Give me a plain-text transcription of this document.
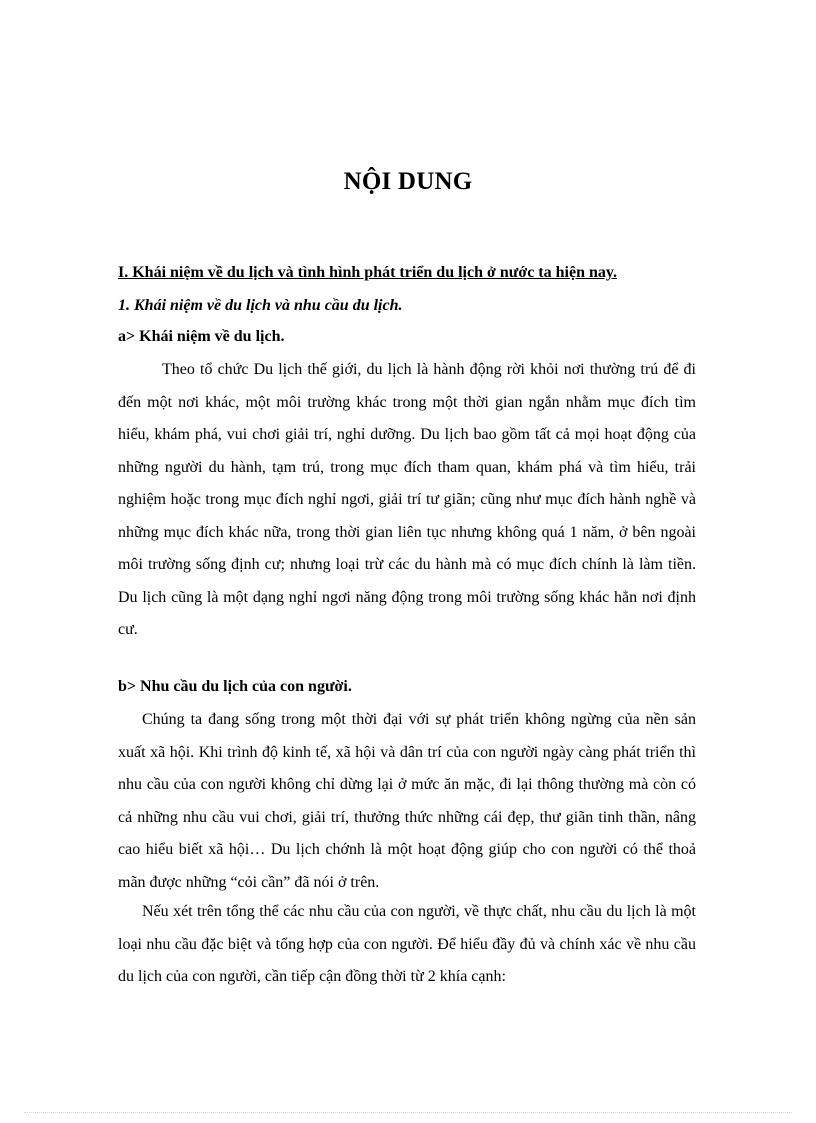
NỘI DUNG
I. Khái niệm về du lịch và tình hình phát triển du lịch ở nước ta hiện nay.
1. Khái niệm về du lịch và nhu cầu du lịch.
a> Khái niệm về du lịch.

Theo tổ chức Du lịch thế giới, du lịch là hành động rời khỏi nơi thường trú để đi đến một nơi khác, một môi trường khác trong một thời gian ngắn nhằm mục đích tìm hiểu, khám phá, vui chơi giải trí, nghỉ dưỡng. Du lịch bao gồm tất cả mọi hoạt động của những người du hành, tạm trú, trong mục đích tham quan, khám phá và tìm hiểu, trải nghiệm hoặc trong mục đích nghỉ ngơi, giải trí tư giãn; cũng như mục đích hành nghề và những mục đích khác nữa, trong thời gian liên tục nhưng không quá 1 năm, ở bên ngoài môi trường sống định cư; nhưng loại trừ các du hành mà có mục đích chính là làm tiền. Du lịch cũng là một dạng nghỉ ngơi năng động trong môi trường sống khác hẳn nơi định cư.

b> Nhu cầu du lịch của con người.

Chúng ta đang sống trong một thời đại với sự phát triển không ngừng của nền sản xuất xã hội. Khi trình độ kinh tế, xã hội và dân trí của con người ngày càng phát triển thì nhu cầu của con người không chỉ dừng lại ở mức ăn mặc, đi lại thông thường mà còn có cả những nhu cầu vui chơi, giải trí, thưởng thức những cái đẹp, thư giãn tinh thần, nâng cao hiểu biết xã hội… Du lịch chớnh là một hoạt động giúp cho con người có thể thoả mãn được những “cỏi cần” đã nói ở trên.

Nếu xét trên tổng thể các nhu cầu của con người, về thực chất, nhu cầu du lịch là một loại nhu cầu đặc biệt và tổng hợp của con người. Để hiểu đầy đủ và chính xác về nhu cầu du lịch của con người, cần tiếp cận đồng thời từ 2 khía cạnh:
